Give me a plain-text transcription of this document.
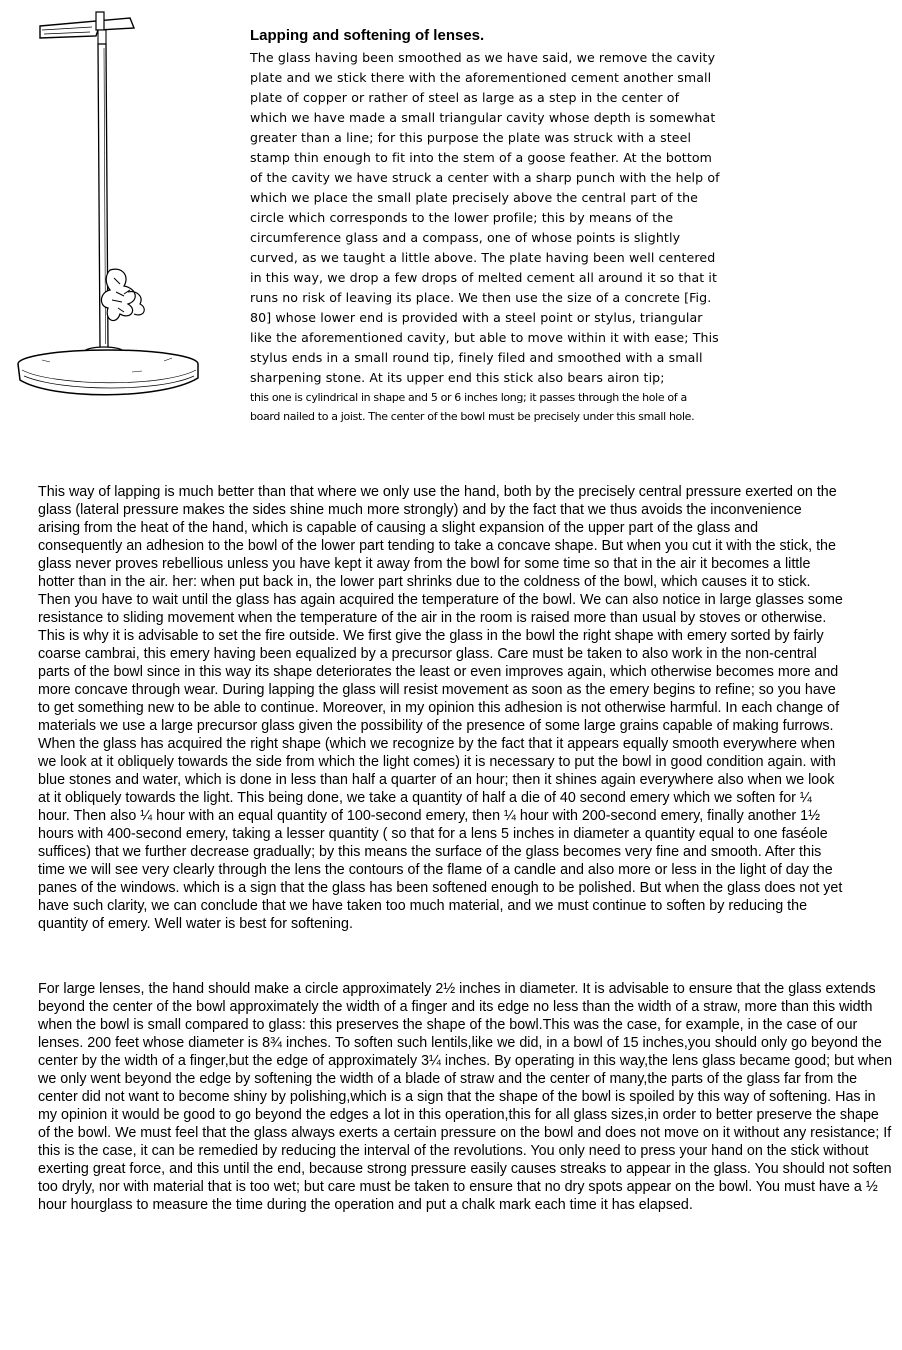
Lapping and softening of lenses.

The glass having been smoothed as we have said, we remove the cavity plate and we stick there with the aforementioned cement another small plate of copper or rather of steel as large as a step in the center of which we have made a small triangular cavity whose depth is somewhat greater than a line; for this purpose the plate was struck with a steel stamp thin enough to fit into the stem of a goose feather. At the bottom of the cavity we have struck a center with a sharp punch with the help of which we place the small plate precisely above the central part of the circle which corresponds to the lower profile; this by means of the circumference glass and a compass, one of whose points is slightly curved, as we taught a little above. The plate having been well centered in this way, we drop a few drops of melted cement all around it so that it runs no risk of leaving its place. We then use the size of a concrete [Fig. 80] whose lower end is provided with a steel point or stylus, triangular like the aforementioned cavity, but able to move within it with ease; This stylus ends in a small round tip, finely filed and smoothed with a small sharpening stone. At its upper end this stick also bears airon tip;

this one is cylindrical in shape and 5 or 6 inches long; it passes through the hole of a board nailed to a joist. The center of the bowl must be precisely under this small hole.

This way of lapping is much better than that where we only use the hand, both by the precisely central pressure exerted on the glass (lateral pressure makes the sides shine much more strongly) and by the fact that we thus avoids the inconvenience arising from the heat of the hand, which is capable of causing a slight expansion of the upper part of the glass and consequently an adhesion to the bowl of the lower part tending to take a concave shape. But when you cut it with the stick, the glass never proves rebellious unless you have kept it away from the bowl for some time so that in the air it becomes a little hotter than in the air. her: when put back in, the lower part shrinks due to the coldness of the bowl, which causes it to stick. Then you have to wait until the glass has again acquired the temperature of the bowl. We can also notice in large glasses some resistance to sliding movement when the temperature of the air in the room is raised more than usual by stoves or otherwise. This is why it is advisable to set the fire outside. We first give the glass in the bowl the right shape with emery sorted by fairly coarse cambrai, this emery having been equalized by a precursor glass. Care must be taken to also work in the non-central parts of the bowl since in this way its shape deteriorates the least or even improves again, which otherwise becomes more and more concave through wear. During lapping the glass will resist movement as soon as the emery begins to refine; so you have to get something new to be able to continue. Moreover, in my opinion this adhesion is not otherwise harmful. In each change of materials we use a large precursor glass given the possibility of the presence of some large grains capable of making furrows. When the glass has acquired the right shape (which we recognize by the fact that it appears equally smooth everywhere when we look at it obliquely towards the side from which the light comes) it is necessary to put the bowl in good condition again. with blue stones and water, which is done in less than half a quarter of an hour; then it shines again everywhere also when we look at it obliquely towards the light. This being done, we take a quantity of half a die of 40 second emery which we soften for ¼ hour. Then also ¼ hour with an equal quantity of 100-second emery, then ¼ hour with 200-second emery, finally another 1½ hours with 400-second emery, taking a lesser quantity ( so that for a lens 5 inches in diameter a quantity equal to one faséole suffices) that we further decrease gradually; by this means the surface of the glass becomes very fine and smooth. After this time we will see very clearly through the lens the contours of the flame of a candle and also more or less in the light of day the panes of the windows. which is a sign that the glass has been softened enough to be polished. But when the glass does not yet have such clarity, we can conclude that we have taken too much material, and we must continue to soften by reducing the quantity of emery. Well water is best for softening.

For large lenses, the hand should make a circle approximately 2½ inches in diameter. It is advisable to ensure that the glass extends beyond the center of the bowl approximately the width of a finger and its edge no less than the width of a straw, more than this width when the bowl is small compared to glass: this preserves the shape of the bowl.This was the case, for example, in the case of our lenses. 200 feet whose diameter is 8¾ inches. To soften such lentils,like we did, in a bowl of 15 inches,you should only go beyond the center by the width of a finger,but the edge of approximately 3¼ inches. By operating in this way,the lens glass became good; but when we only went beyond the edge by softening the width of a blade of straw and the center of many,the parts of the glass far from the center did not want to become shiny by polishing,which is a sign that the shape of the bowl is spoiled by this way of softening. Has in my opinion it would be good to go beyond the edges a lot in this operation,this for all glass sizes,in order to better preserve the shape of the bowl. We must feel that the glass always exerts a certain pressure on the bowl and does not move on it without any resistance; If this is the case, it can be remedied by reducing the interval of the revolutions. You only need to press your hand on the stick without exerting great force, and this until the end, because strong pressure easily causes streaks to appear in the glass. You should not soften too dryly, nor with material that is too wet; but care must be taken to ensure that no dry spots appear on the bowl. You must have a ½ hour hourglass to measure the time during the operation and put a chalk mark each time it has elapsed.
